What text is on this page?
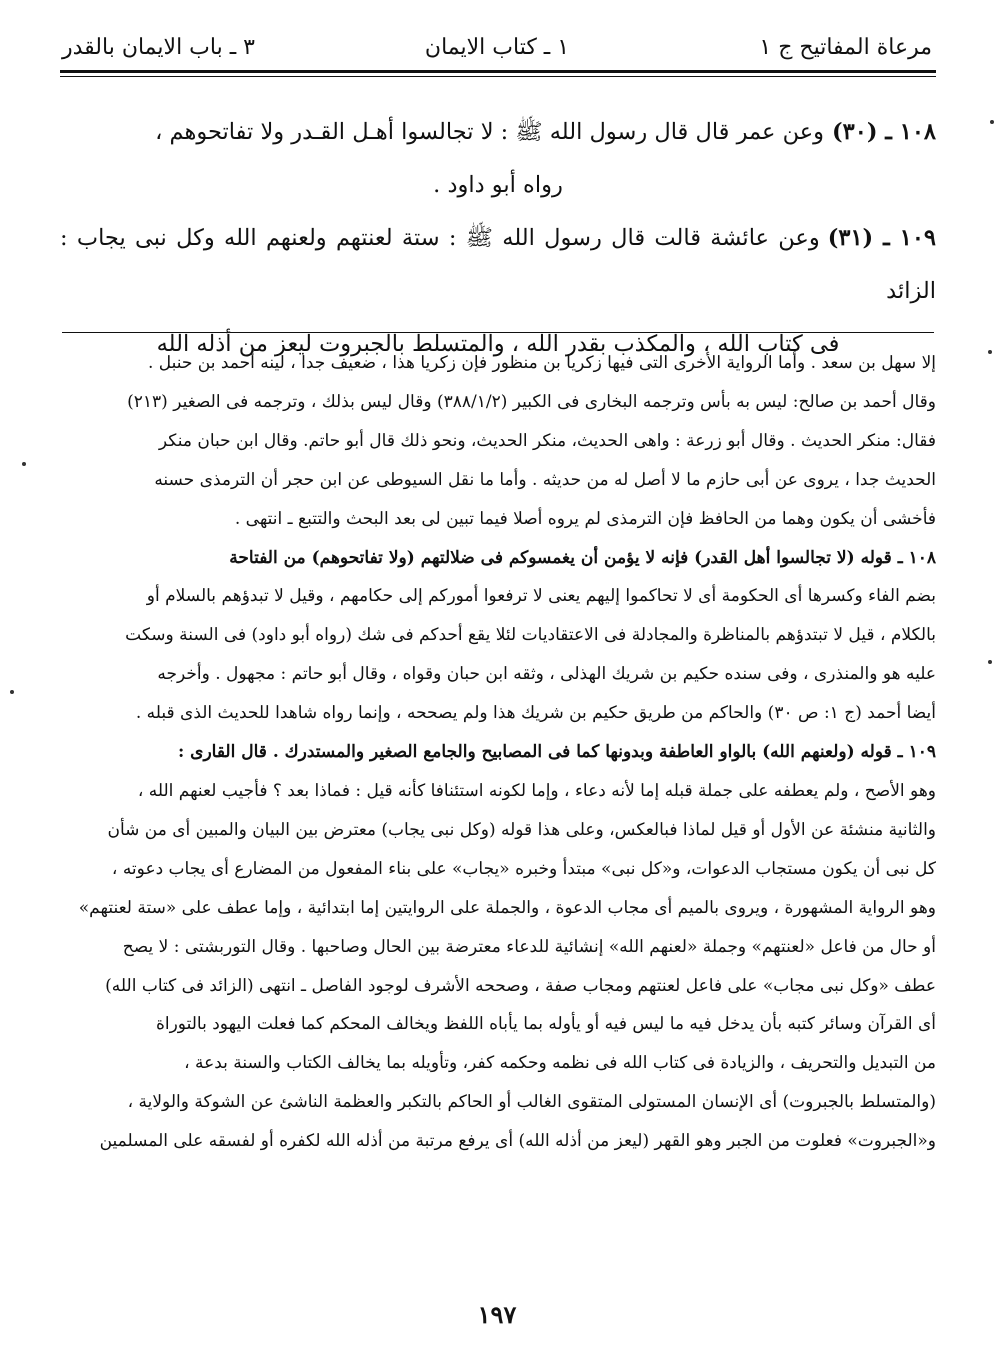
مرعاة المفاتيح ج ١
١ ـ كتاب الايمان
٣ ـ باب الايمان بالقدر

١٠٨ ـ (٣٠)وعن عمر قال قال رسول الله ﷺ : لا تجالسوا أهـل القـدر ولا تفاتحوهم ،
رواه أبو داود .

١٠٩ ـ (٣١)وعن عائشة قالت قال رسول الله ﷺ : ستة لعنتهم ولعنهم الله وكل نبى يجاب : الزائد
فى كتاب الله ، والمكذب بقدر الله ، والمتسلط بالجبروت ليعز من أذله الله

إلا سهل بن سعد . وأما الرواية الأخرى التى فيها زكريا بن منظور فإن زكريا هذا ، ضعيف جدا ، لينه أحمد بن حنبل .
وقال أحمد بن صالح: ليس به بأس وترجمه البخارى فى الكبير (٣٨٨/١/٢) وقال ليس بذلك ، وترجمه فى الصغير (٢١٣)
فقال: منكر الحديث . وقال أبو زرعة : واهى الحديث، منكر الحديث، ونحو ذلك قال أبو حاتم. وقال ابن حبان منكر
الحديث جدا ، يروى عن أبى حازم ما لا أصل له من حديثه . وأما ما نقل السيوطى عن ابن حجر أن الترمذى حسنه
فأخشى أن يكون وهما من الحافظ فإن الترمذى لم يروه أصلا فيما تبين لى بعد البحث والتتبع ـ انتهى .
١٠٨ ـ قوله (لا تجالسوا أهل القدر) فإنه لا يؤمن أن يغمسوكم فى ضلالتهم (ولا تفاتحوهم) من الفتاحة
بضم الفاء وكسرها أى الحكومة أى لا تحاكموا إليهم يعنى لا ترفعوا أموركم إلى حكامهم ، وقيل لا تبدؤهم بالسلام أو
بالكلام ، قيل لا تبتدؤهم بالمناظرة والمجادلة فى الاعتقاديات لئلا يقع أحدكم فى شك (رواه أبو داود) فى السنة وسكت
عليه هو والمنذرى ، وفى سنده حكيم بن شريك الهذلى ، وثقه ابن حبان وقواه ، وقال أبو حاتم : مجهول . وأخرجه
أيضا أحمد (ج ١: ص ٣٠) والحاكم من طريق حكيم بن شريك هذا ولم يصححه ، وإنما رواه شاهدا للحديث الذى قبله .
١٠٩ ـ قوله (ولعنهم الله) بالواو العاطفة وبدونها كما فى المصابيح والجامع الصغير والمستدرك . قال القارى :
وهو الأصح ، ولم يعطفه على جملة قبله إما لأنه دعاء ، وإما لكونه استئنافا كأنه قيل : فماذا بعد ؟ فأجيب لعنهم الله ،
والثانية منشئة عن الأول أو قيل لماذا فبالعكس، وعلى هذا قوله (وكل نبى يجاب) معترض بين البيان والمبين أى من شأن
كل نبى أن يكون مستجاب الدعوات، و«كل نبى» مبتدأ وخبره «يجاب» على بناء المفعول من المضارع أى يجاب دعوته ،
وهو الرواية المشهورة ، ويروى بالميم أى مجاب الدعوة ، والجملة على الروايتين إما ابتدائية ، وإما عطف على «ستة لعنتهم»
أو حال من فاعل «لعنتهم» وجملة «لعنهم الله» إنشائية للدعاء معترضة بين الحال وصاحبها . وقال التوربشتى : لا يصح
عطف «وكل نبى مجاب» على فاعل لعنتهم ومجاب صفة ، وصححه الأشرف لوجود الفاصل ـ انتهى (الزائد فى كتاب الله)
أى القرآن وسائر كتبه بأن يدخل فيه ما ليس فيه أو يأوله بما يأباه اللفظ ويخالف المحكم كما فعلت اليهود بالتوراة
من التبديل والتحريف ، والزيادة فى كتاب الله فى نظمه وحكمه كفر، وتأويله بما يخالف الكتاب والسنة بدعة ،
(والمتسلط بالجبروت) أى الإنسان المستولى المتقوى الغالب أو الحاكم بالتكبر والعظمة الناشئ عن الشوكة والولاية ،
و«الجبروت» فعلوت من الجبر وهو القهر (ليعز من أذله الله) أى يرفع مرتبة من أذله الله لكفره أو لفسقه على المسلمين
١٩٧
